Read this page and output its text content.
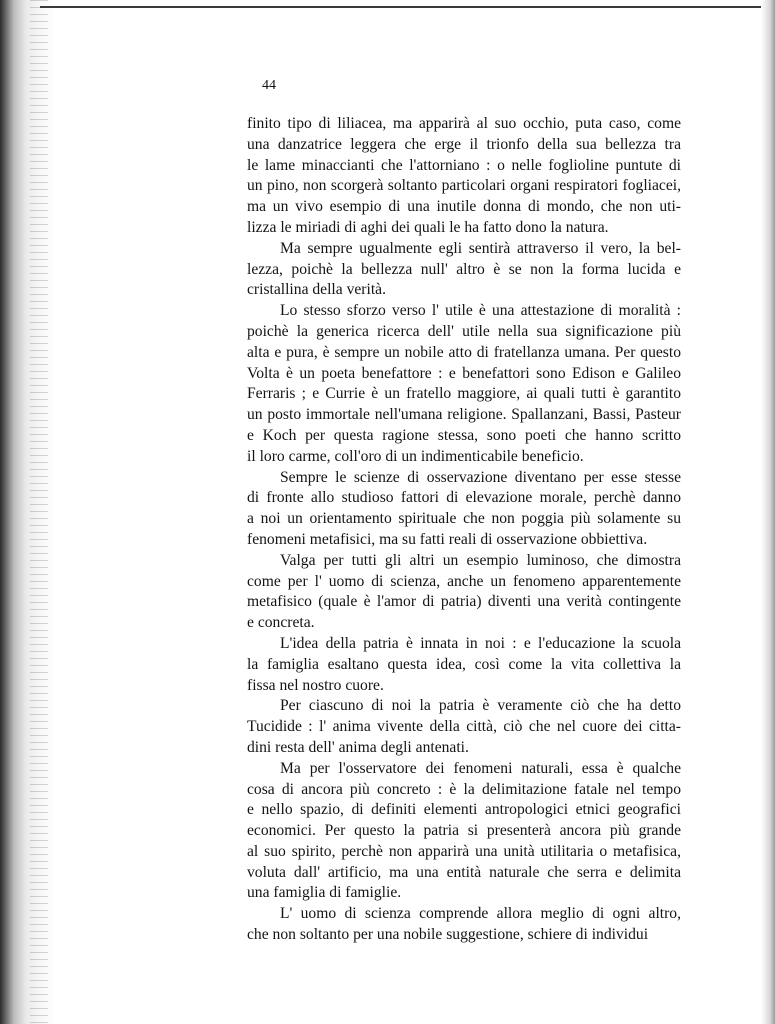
44
finito tipo di liliacea, ma apparirà al suo occhio, puta caso, come
una danzatrice leggera che erge il trionfo della sua bellezza tra
le lame minaccianti che l'attorniano : o nelle foglioline puntute di
un pino, non scorgerà soltanto particolari organi respiratori fogliacei,
ma un vivo esempio di una inutile donna di mondo, che non uti-
lizza le miriadi di aghi dei quali le ha fatto dono la natura.
Ma sempre ugualmente egli sentirà attraverso il vero, la bel-
lezza, poichè la bellezza null' altro è se non la forma lucida e
cristallina della verità.
Lo stesso sforzo verso l' utile è una attestazione di moralità :
poichè la generica ricerca dell' utile nella sua significazione più
alta e pura, è sempre un nobile atto di fratellanza umana. Per questo
Volta è un poeta benefattore : e benefattori sono Edison e Galileo
Ferraris ; e Currie è un fratello maggiore, ai quali tutti è garantito
un posto immortale nell'umana religione. Spallanzani, Bassi, Pasteur
e Koch per questa ragione stessa, sono poeti che hanno scritto
il loro carme, coll'oro di un indimenticabile beneficio.
Sempre le scienze di osservazione diventano per esse stesse
di fronte allo studioso fattori di elevazione morale, perchè danno
a noi un orientamento spirituale che non poggia più solamente su
fenomeni metafisici, ma su fatti reali di osservazione obbiettiva.
Valga per tutti gli altri un esempio luminoso, che dimostra
come per l' uomo di scienza, anche un fenomeno apparentemente
metafisico (quale è l'amor di patria) diventi una verità contingente
e concreta.
L'idea della patria è innata in noi : e l'educazione la scuola
la famiglia esaltano questa idea, così come la vita collettiva la
fissa nel nostro cuore.
Per ciascuno di noi la patria è veramente ciò che ha detto
Tucidide : l' anima vivente della città, ciò che nel cuore dei citta-
dini resta dell' anima degli antenati.
Ma per l'osservatore dei fenomeni naturali, essa è qualche
cosa di ancora più concreto : è la delimitazione fatale nel tempo
e nello spazio, di definiti elementi antropologici etnici geografici
economici. Per questo la patria si presenterà ancora più grande
al suo spirito, perchè non apparirà una unità utilitaria o metafisica,
voluta dall' artificio, ma una entità naturale che serra e delimita
una famiglia di famiglie.
L' uomo di scienza comprende allora meglio di ogni altro,
che non soltanto per una nobile suggestione, schiere di individui
